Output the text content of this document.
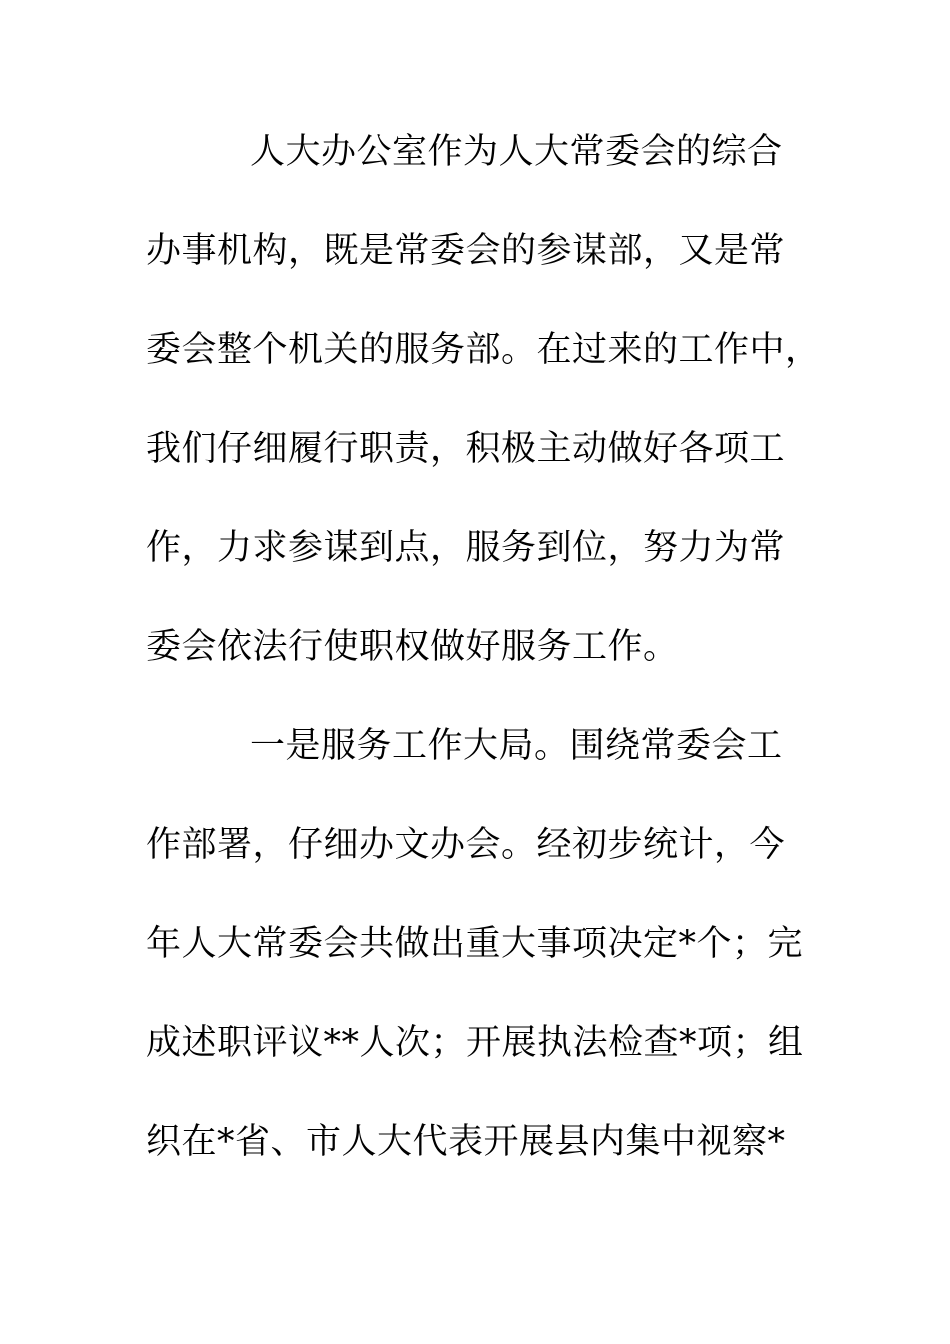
人大办公室作为人大常委会的综合
办事机构，既是常委会的参谋部，又是常
委会整个机关的服务部。在过来的工作中，
我们仔细履行职责，积极主动做好各项工
作，力求参谋到点，服务到位，努力为常
委会依法行使职权做好服务工作。
一是服务工作大局。围绕常委会工
作部署，仔细办文办会。经初步统计，今
年人大常委会共做出重大事项决定*个；完
成述职评议**人次；开展执法检查*项；组
织在*省、市人大代表开展县内集中视察*
